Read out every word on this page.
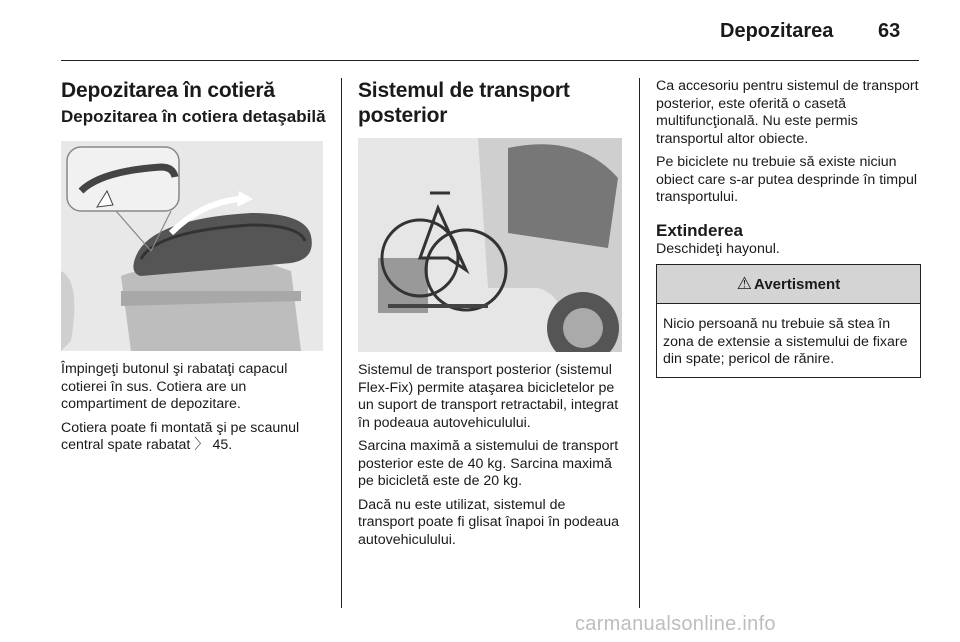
Depozitarea 63
Depozitarea în cotieră
Depozitarea în cotiera detaşabilă

Împingeţi butonul şi rabataţi capacul cotierei în sus. Cotiera are un compartiment de depozitare.

Cotiera poate fi montată şi pe scaunul central spate rabatat 〉 45.

Sistemul de transport posterior

Sistemul de transport posterior (sistemul Flex-Fix) permite ataşarea bicicletelor pe un suport de transport retractabil, integrat în podeaua autovehiculului.

Sarcina maximă a sistemului de transport posterior este de 40 kg. Sarcina maximă pe bicicletă este de 20 kg.

Dacă nu este utilizat, sistemul de transport poate fi glisat înapoi în podeaua autovehiculului.

Ca accesoriu pentru sistemul de transport posterior, este oferită o casetă multifuncţională. Nu este permis transportul altor obiecte.

Pe biciclete nu trebuie să existe niciun obiect care s-ar putea desprinde în timpul transportului.

Extinderea

Deschideţi hayonul.

⚠ Avertisment

Nicio persoană nu trebuie să stea în zona de extensie a sistemului de fixare din spate; pericol de rănire.

carmanualsonline.info
